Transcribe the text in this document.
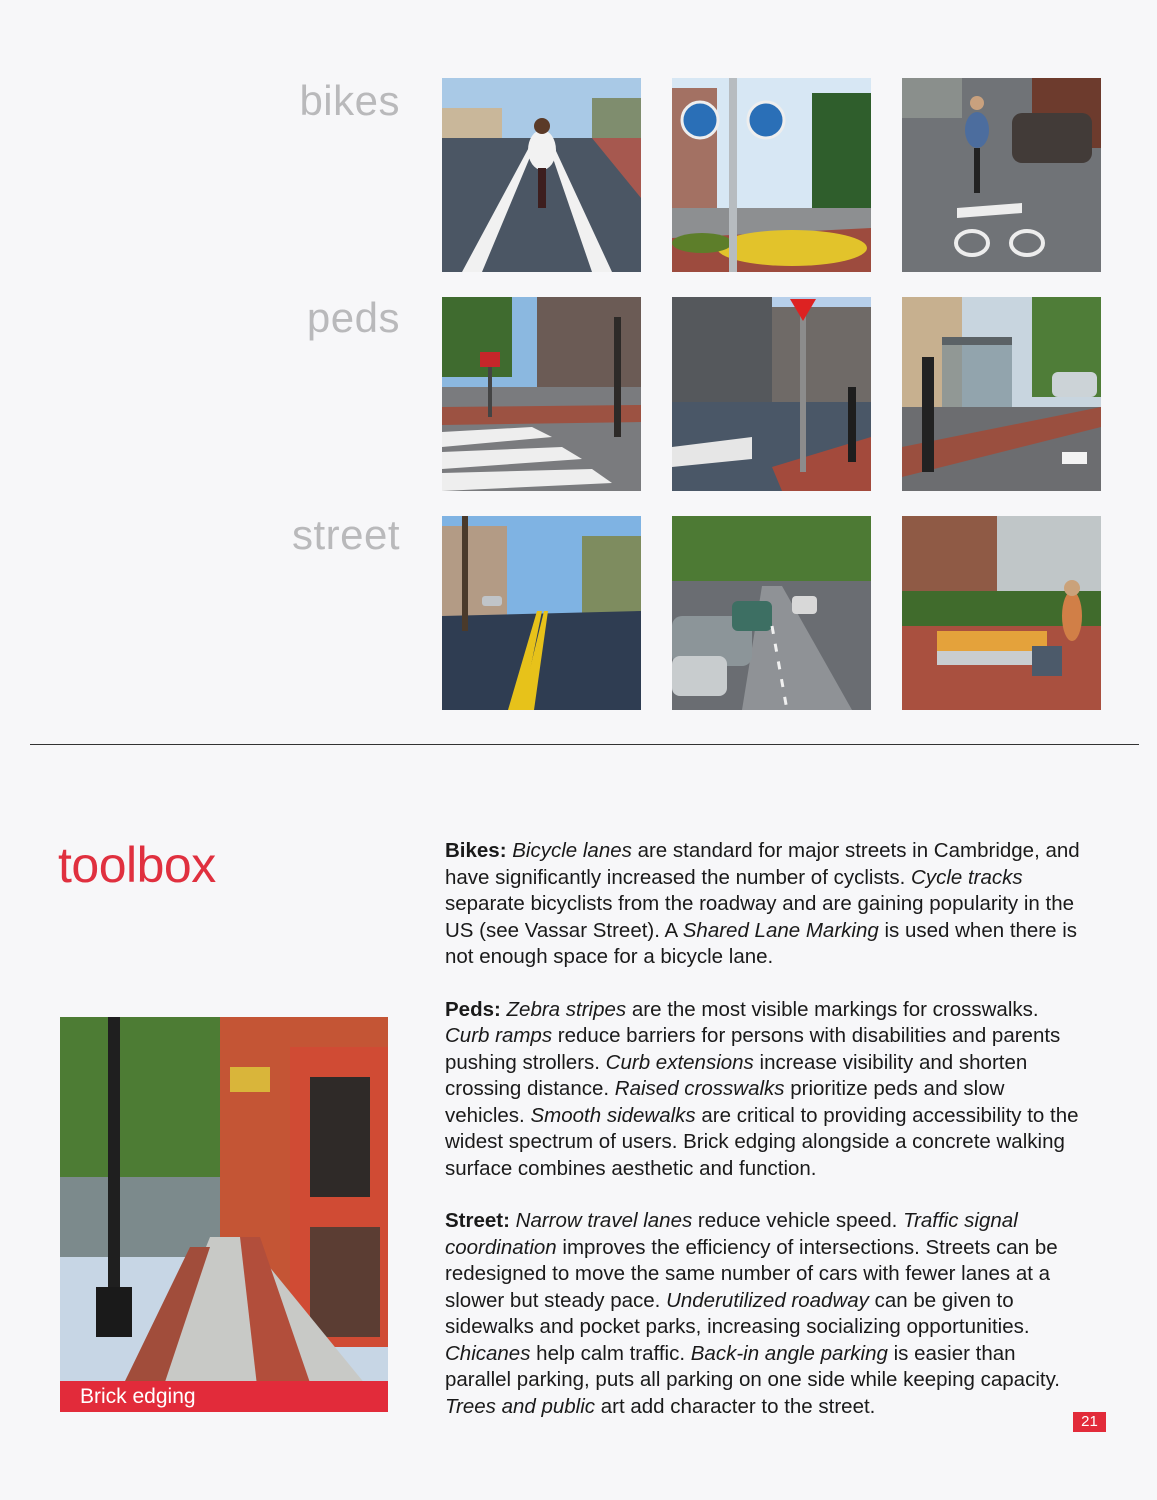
bikes
peds
street
toolbox
Brick edging

Bikes: Bicycle lanes are standard for major streets in Cambridge, and have significantly increased the number of cyclists. Cycle tracks separate bicyclists from the roadway and are gaining popularity in the US (see Vassar Street). A Shared Lane Marking is used when there is not enough space for a bicycle lane.

Peds: Zebra stripes are the most visible markings for crosswalks. Curb ramps reduce barriers for persons with disabilities and parents pushing strollers. Curb extensions increase visibility and shorten crossing distance. Raised crosswalks prioritize peds and slow vehicles. Smooth sidewalks are critical to providing accessibility to the widest spectrum of users. Brick edging alongside a concrete walking surface combines aesthetic and function.

Street: Narrow travel lanes reduce vehicle speed. Traffic signal coordination improves the efficiency of intersections. Streets can be redesigned to move the same number of cars with fewer lanes at a slower but steady pace. Underutilized roadway can be given to sidewalks and pocket parks, increasing socializing opportunities. Chicanes help calm traffic. Back-in angle parking is easier than parallel parking, puts all parking on one side while keeping capacity. Trees and public art add character to the street.

21
